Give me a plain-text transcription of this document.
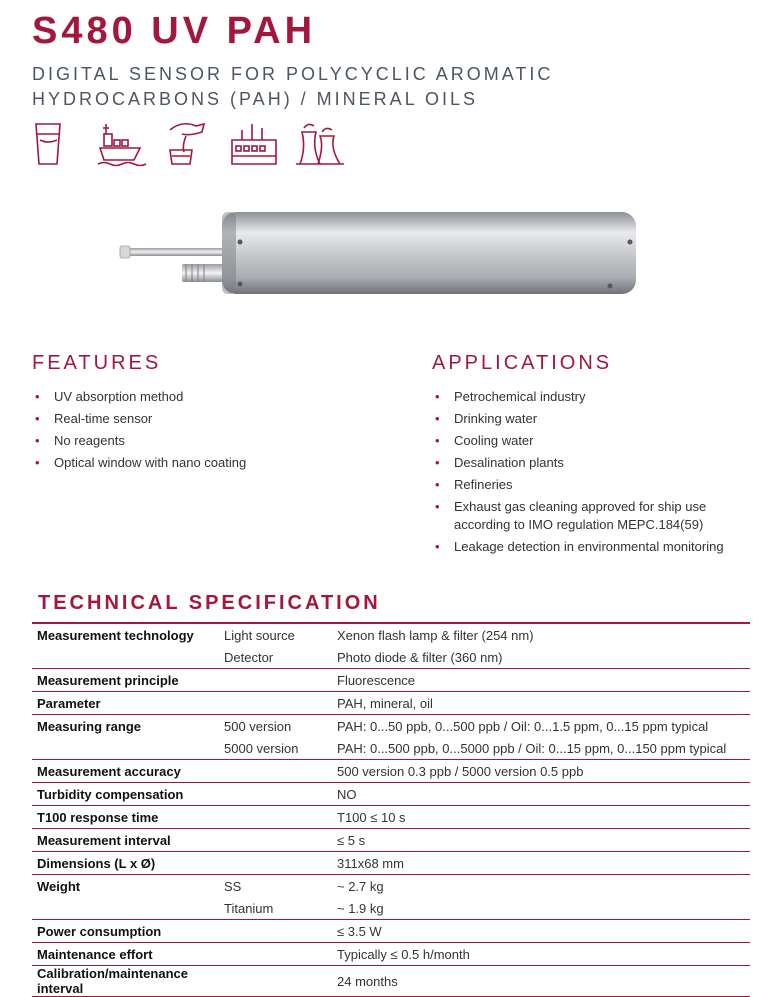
S480 UV PAH
DIGITAL SENSOR FOR POLYCYCLIC AROMATIC
HYDROCARBONS (PAH) / MINERAL OILS
FEATURES
• UV absorption method
• Real-time sensor
• No reagents
• Optical window with nano coating
APPLICATIONS
• Petrochemical industry
• Drinking water
• Cooling water
• Desalination plants
• Refineries
• Exhaust gas cleaning approved for ship use according to IMO regulation MEPC.184(59)
• Leakage detection in environmental monitoring
TECHNICAL SPECIFICATION
Measurement technology	Light source	Xenon flash lamp & filter (254 nm)
	Detector	Photo diode & filter (360 nm)
Measurement principle		Fluorescence
Parameter		PAH, mineral, oil
Measuring range	500 version	PAH: 0...50 ppb, 0...500 ppb / Oil: 0...1.5 ppm, 0...15 ppm typical
	5000 version	PAH: 0...500 ppb, 0...5000 ppb / Oil: 0...15 ppm, 0...150 ppm typical
Measurement accuracy		500 version 0.3 ppb / 5000 version 0.5 ppb
Turbidity compensation		NO
T100 response time		T100 ≤ 10 s
Measurement interval		≤ 5 s
Dimensions (L x Ø)		311x68 mm
Weight	SS	~ 2.7 kg
	Titanium	~ 1.9 kg
Power consumption		≤ 3.5 W
Maintenance effort		Typically ≤ 0.5 h/month
Calibration/maintenance interval		24 months
